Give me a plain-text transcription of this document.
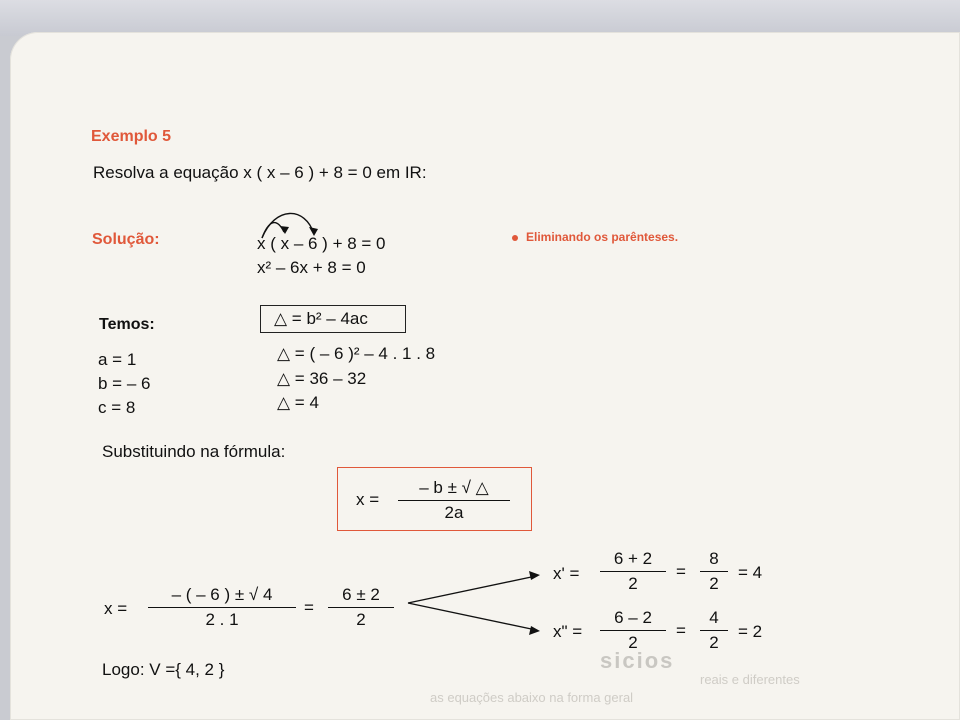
sicios
reais e diferentes
as equações abaixo na forma geral
Exemplo 5
Resolva a equação x ( x – 6 ) + 8 = 0 em IR:
Solução:	x ( x – 6 ) + 8 = 0
x² – 6x + 8 = 0
Eliminando os parênteses.
Temos:	△ = b² – 4ac
a = 1
b = – 6
c = 8
△ = ( – 6 )² – 4 . 1 . 8
△ = 36 – 32
△ = 4
Substituindo na fórmula:
x =
– b ± √ △
2a
x =
– ( – 6 ) ± √ 4
2 . 1
=
6 ± 2
2
x' =
6 + 2
2
=
8
2
= 4
x" =
6 – 2
2
=
4
2
= 2
Logo: V ={ 4, 2 }
